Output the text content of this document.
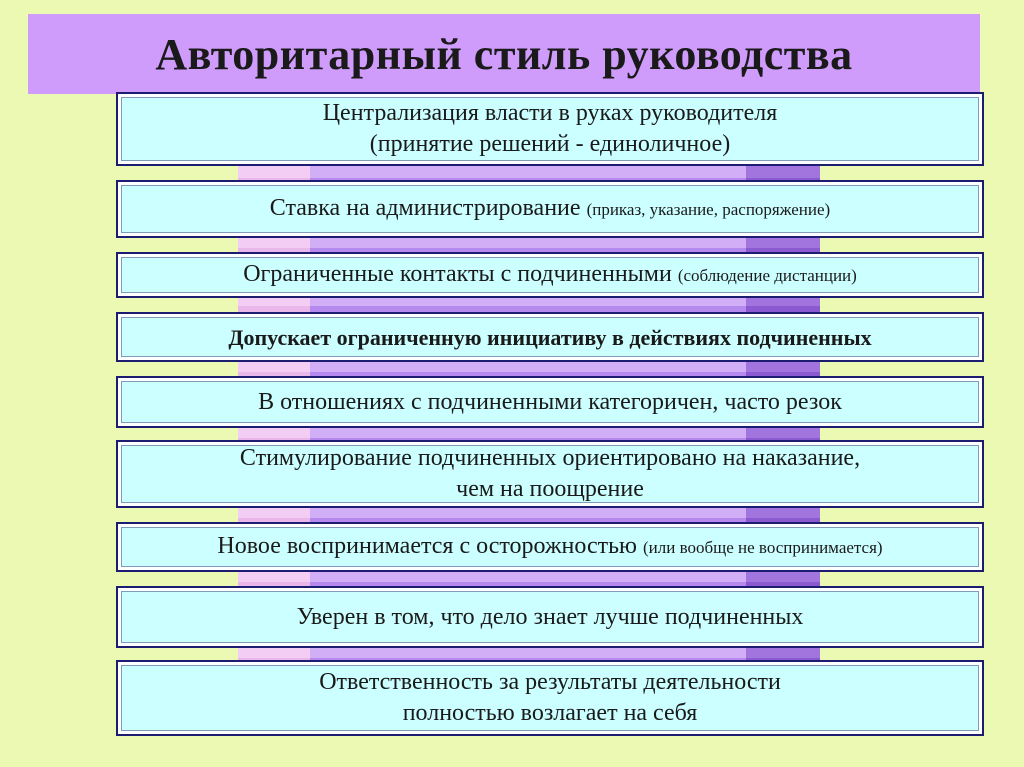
Авторитарный стиль руководства
Централизация власти в руках руководителя
(принятие решений - единоличное)
Ставка на администрирование (приказ, указание, распоряжение)
Ограниченные контакты с подчиненными (соблюдение дистанции)
Допускает ограниченную инициативу в действиях подчиненных
В отношениях с подчиненными категоричен, часто резок
Стимулирование подчиненных ориентировано на наказание,
чем на поощрение
Новое воспринимается с осторожностью (или вообще не воспринимается)
Уверен в том, что дело знает лучше подчиненных
Ответственность за результаты деятельности
полностью возлагает на себя
